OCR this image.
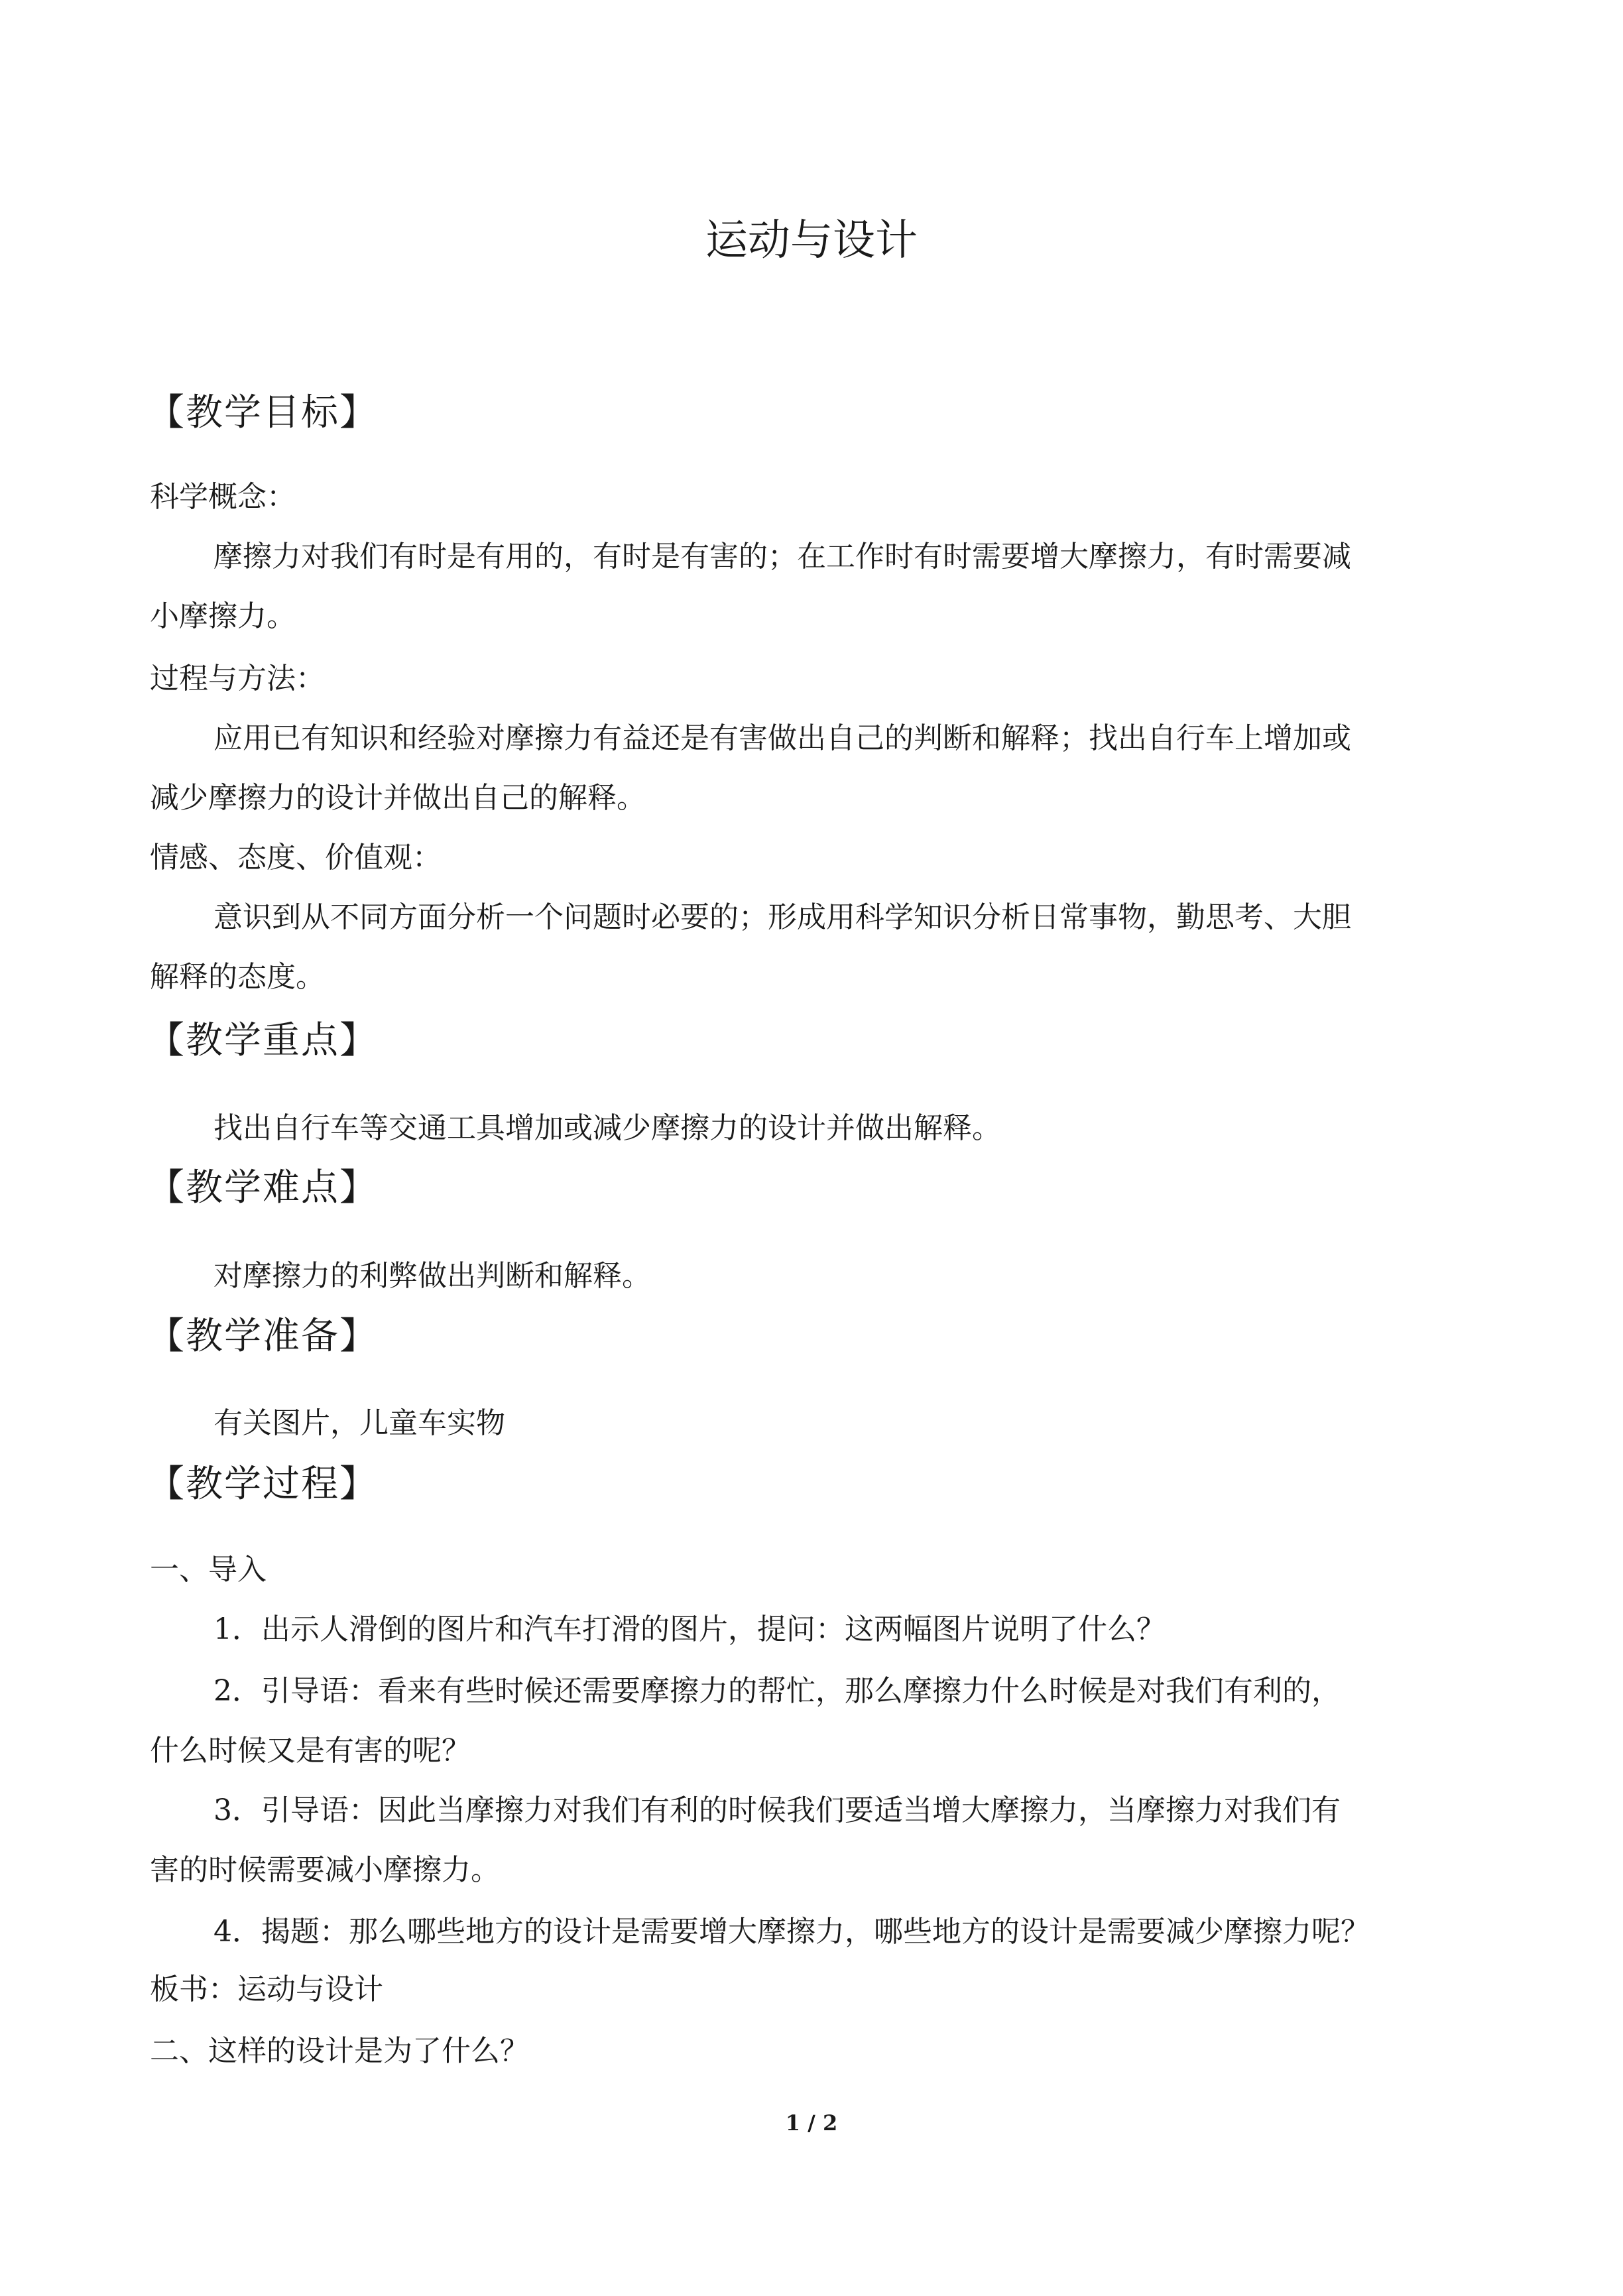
运动与设计
【教学目标】
科学概念：
摩擦力对我们有时是有用的，有时是有害的；在工作时有时需要增大摩擦力，有时需要减
小摩擦力。
过程与方法：
应用已有知识和经验对摩擦力有益还是有害做出自己的判断和解释；找出自行车上增加或
减少摩擦力的设计并做出自己的解释。
情感、态度、价值观：
意识到从不同方面分析一个问题时必要的；形成用科学知识分析日常事物，勤思考、大胆
解释的态度。
【教学重点】
找出自行车等交通工具增加或减少摩擦力的设计并做出解释。
【教学难点】
对摩擦力的利弊做出判断和解释。
【教学准备】
有关图片，儿童车实物
【教学过程】
一、导入
1．出示人滑倒的图片和汽车打滑的图片，提问：这两幅图片说明了什么？
2．引导语：看来有些时候还需要摩擦力的帮忙，那么摩擦力什么时候是对我们有利的，
什么时候又是有害的呢？
3．引导语：因此当摩擦力对我们有利的时候我们要适当增大摩擦力，当摩擦力对我们有
害的时候需要减小摩擦力。
4．揭题：那么哪些地方的设计是需要增大摩擦力，哪些地方的设计是需要减少摩擦力呢？
板书：运动与设计
二、这样的设计是为了什么？
1 / 2
